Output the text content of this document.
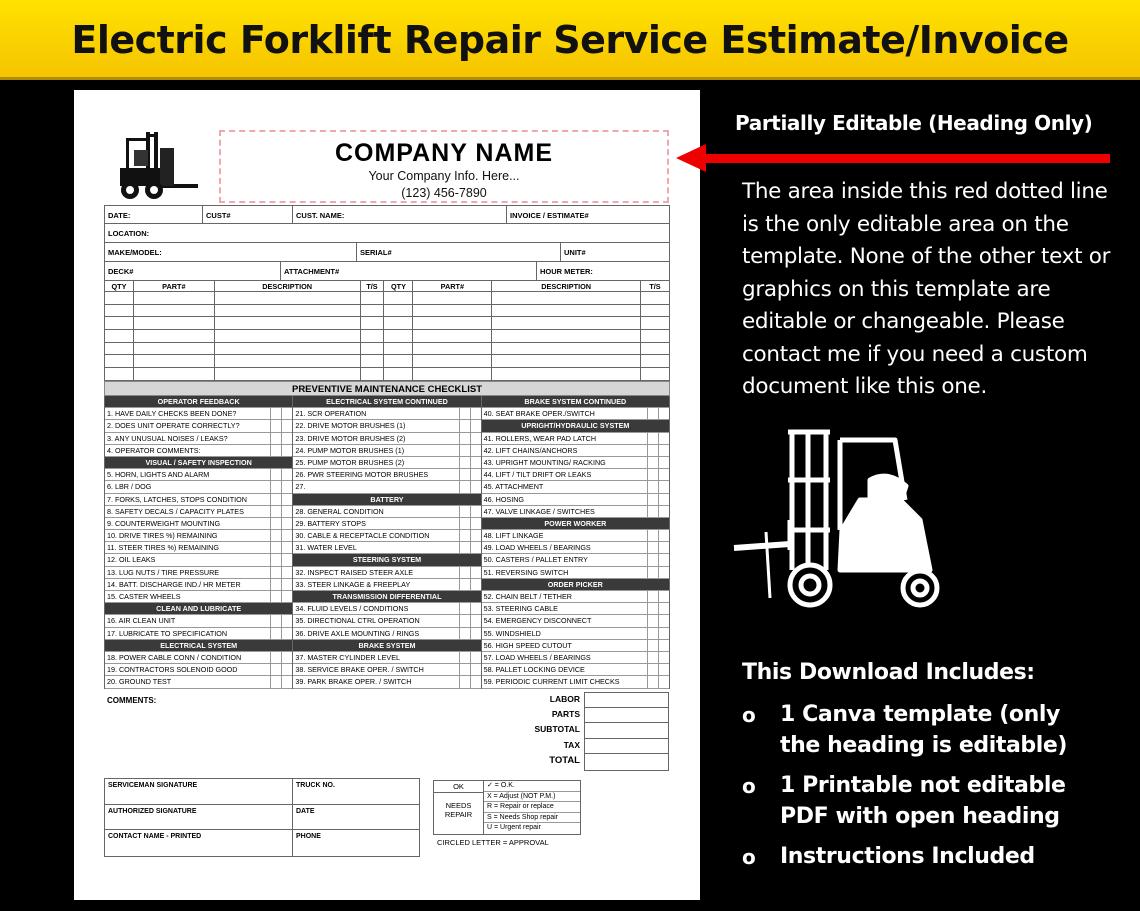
Electric Forklift Repair Service Estimate/Invoice
COMPANY NAME
Your Company Info. Here...
(123) 456-7890
DATE:	CUST#	CUST. NAME:	INVOICE / ESTIMATE#
LOCATION:
MAKE/MODEL:	SERIAL#	UNIT#
DECK#	ATTACHMENT#	HOUR METER:
QTY	PART#	DESCRIPTION	T/S	QTY	PART#	DESCRIPTION	T/S

PREVENTIVE MAINTENANCE CHECKLIST
OPERATOR FEEDBACK
1. HAVE DAILY CHECKS BEEN DONE?
2. DOES UNIT OPERATE CORRECTLY?
3. ANY UNUSUAL NOISES / LEAKS?
4. OPERATOR COMMENTS:
VISUAL / SAFETY INSPECTION
5. HORN, LIGHTS AND ALARM
6. LBR / DOG
7. FORKS, LATCHES, STOPS CONDITION
8. SAFETY DECALS / CAPACITY PLATES
9. COUNTERWEIGHT MOUNTING
10. DRIVE TIRES %) REMAINING
11. STEER TIRES %) REMAINING
12. OIL LEAKS
13. LUG NUTS / TIRE PRESSURE
14. BATT. DISCHARGE IND./ HR METER
15. CASTER WHEELS
CLEAN AND LUBRICATE
16. AIR CLEAN UNIT
17. LUBRICATE TO SPECIFICATION
ELECTRICAL SYSTEM
18. POWER CABLE CONN / CONDITION
19. CONTRACTORS SOLENOID GOOD
20. GROUND TEST
ELECTRICAL SYSTEM CONTINUED
21. SCR OPERATION
22. DRIVE MOTOR BRUSHES (1)
23. DRIVE MOTOR BRUSHES (2)
24. PUMP MOTOR BRUSHES (1)
25. PUMP MOTOR BRUSHES (2)
26. PWR STEERING MOTOR BRUSHES
27.
BATTERY
28. GENERAL CONDITION
29. BATTERY STOPS
30. CABLE & RECEPTACLE CONDITION
31. WATER LEVEL
STEERING SYSTEM
32. INSPECT RAISED STEER AXLE
33. STEER LINKAGE & FREEPLAY
TRANSMISSION DIFFERENTIAL
34. FLUID LEVELS / CONDITIONS
35. DIRECTIONAL CTRL OPERATION
36. DRIVE AXLE MOUNTING / RINGS
BRAKE SYSTEM
37. MASTER CYLINDER LEVEL
38. SERVICE BRAKE OPER. / SWITCH
39. PARK BRAKE OPER. / SWITCH
BRAKE SYSTEM CONTINUED
40. SEAT BRAKE OPER./SWITCH
UPRIGHT/HYDRAULIC SYSTEM
41. ROLLERS, WEAR PAD LATCH
42. LIFT CHAINS/ANCHORS
43. UPRIGHT MOUNTING/ RACKING
44. LIFT / TILT DRIFT OR LEAKS
45. ATTACHMENT
46. HOSING
47. VALVE LINKAGE / SWITCHES
POWER WORKER
48. LIFT LINKAGE
49. LOAD WHEELS / BEARINGS
50. CASTERS / PALLET ENTRY
51. REVERSING SWITCH
ORDER PICKER
52. CHAIN BELT / TETHER
53. STEERING CABLE
54. EMERGENCY DISCONNECT
55. WINDSHIELD
56. HIGH SPEED CUTOUT
57. LOAD WHEELS / BEARINGS
58. PALLET LOCKING DEVICE
59. PERIODIC CURRENT LIMIT CHECKS
COMMENTS:	LABOR
PARTS
SUBTOTAL
TAX
TOTAL
SERVICEMAN SIGNATURE	TRUCK NO.
AUTHORIZED SIGNATURE	DATE
CONTACT NAME - PRINTED	PHONE
OK
NEEDS REPAIR
✓ = O.K.
X = Adjust (NOT P.M.)
R = Repair or replace
S = Needs Shop repair
U = Urgent repair
CIRCLED LETTER = APPROVAL
Partially Editable (Heading Only)
The area inside this red dotted line is the only editable area on the template. None of the other text or graphics on this template are editable or changeable. Please contact me if you need a custom document like this one.
This Download Includes:
o	1 Canva template (only the heading is editable)
o	1 Printable not editable PDF with open heading
o	Instructions Included
